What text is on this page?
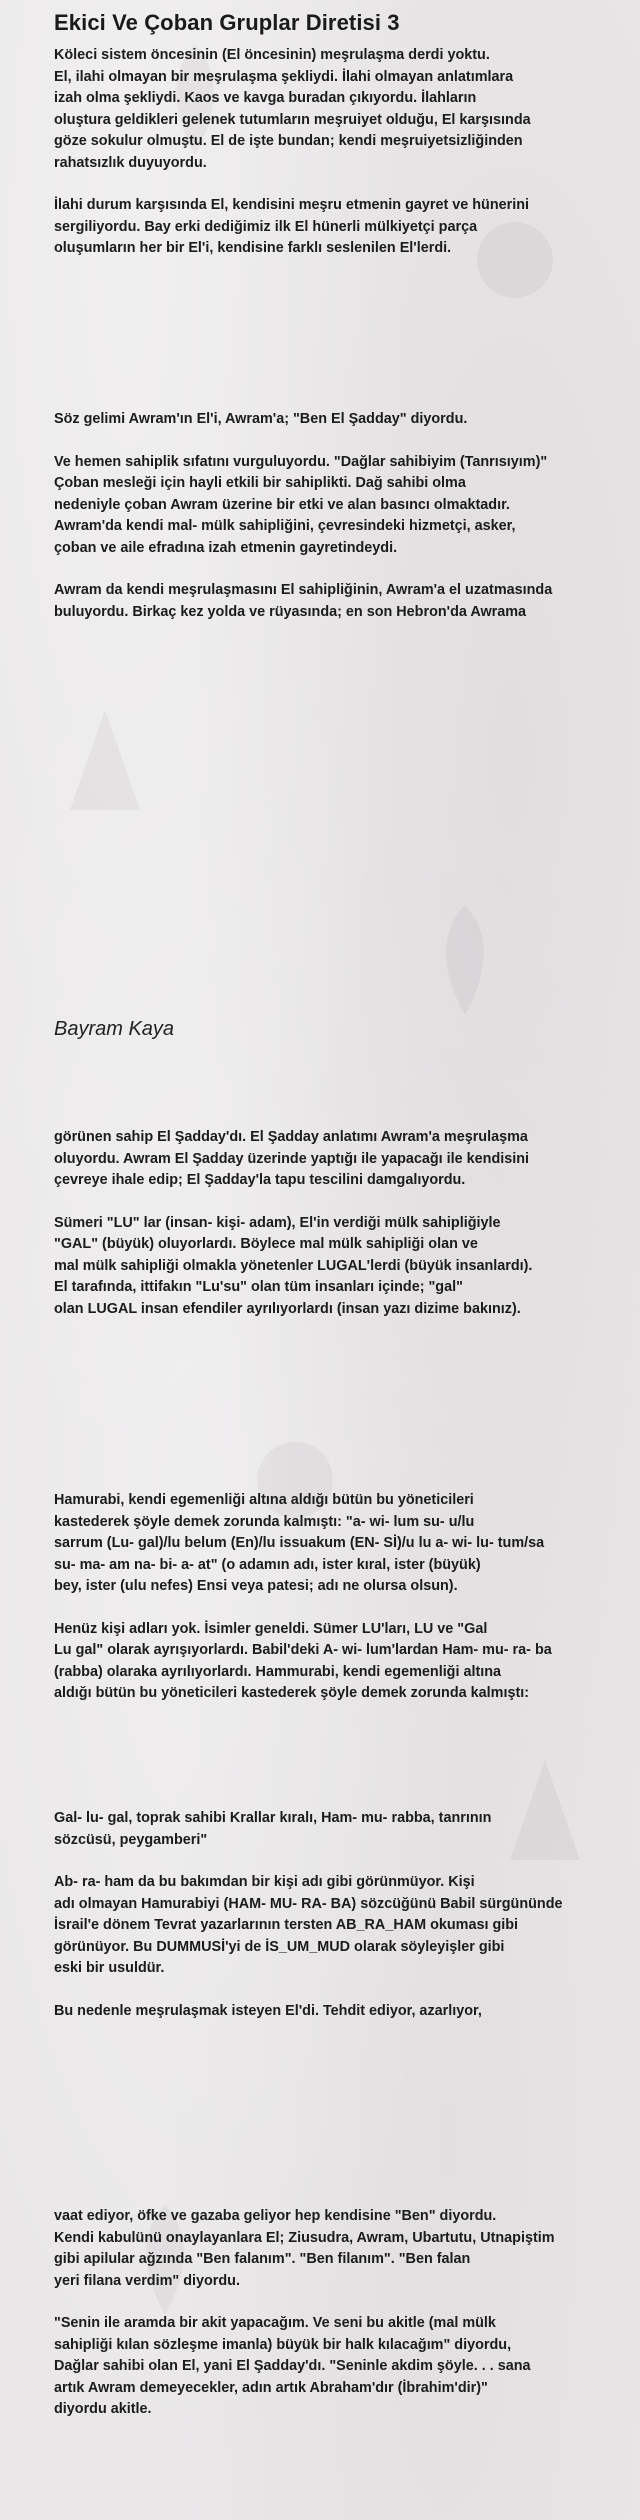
Ekici Ve Çoban Gruplar Diretisi 3

Köleci sistem öncesinin (El öncesinin) meşrulaşma derdi yoktu.
El, ilahi olmayan bir meşrulaşma şekliydi. İlahi olmayan anlatımlara
izah olma şekliydi. Kaos ve kavga buradan çıkıyordu. İlahların
oluştura geldikleri gelenek tutumların meşruiyet olduğu, El karşısında
göze sokulur olmuştu. El de işte bundan; kendi meşruiyetsizliğinden
rahatsızlık duyuyordu.

İlahi durum karşısında El, kendisini meşru etmenin gayret ve hünerini
sergiliyordu. Bay erki dediğimiz ilk El hünerli mülkiyetçi parça
oluşumların her bir El'i, kendisine farklı seslenilen El'lerdi.

Söz gelimi Awram'ın El'i, Awram'a; "Ben El Şadday" diyordu.

Ve hemen sahiplik sıfatını vurguluyordu. "Dağlar sahibiyim (Tanrısıyım)"
Çoban mesleği için hayli etkili bir sahiplikti. Dağ sahibi olma
nedeniyle çoban Awram üzerine bir etki ve alan basıncı olmaktadır.
Awram'da kendi mal- mülk sahipliğini, çevresindeki hizmetçi, asker,
çoban ve aile efradına izah etmenin gayretindeydi.

Awram da kendi meşrulaşmasını El sahipliğinin, Awram'a el uzatmasında
buluyordu. Birkaç kez yolda ve rüyasında; en son Hebron'da Awrama

Bayram Kaya

görünen sahip El Şadday'dı. El Şadday anlatımı Awram'a meşrulaşma
oluyordu. Awram El Şadday üzerinde yaptığı ile yapacağı ile kendisini
çevreye ihale edip; El Şadday'la tapu tescilini damgalıyordu.

Sümeri "LU" lar (insan- kişi- adam), El'in verdiği mülk sahipliğiyle
"GAL" (büyük) oluyorlardı. Böylece mal mülk sahipliği olan ve
mal mülk sahipliği olmakla yönetenler LUGAL'lerdi (büyük insanlardı).
El tarafında, ittifakın "Lu'su" olan tüm insanları içinde; "gal"
olan LUGAL insan efendiler ayrılıyorlardı (insan yazı dizime bakınız).

Hamurabi, kendi egemenliği altına aldığı bütün bu yöneticileri
kastederek şöyle demek zorunda kalmıştı: "a- wi- lum su- u/lu
sarrum (Lu- gal)/lu belum (En)/lu issuakum (EN- Sİ)/u lu a- wi- lu- tum/sa
su- ma- am na- bi- a- at" (o adamın adı, ister kıral, ister (büyük)
bey, ister (ulu nefes) Ensi veya patesi; adı ne olursa olsun).

Henüz kişi adları yok. İsimler geneldi. Sümer LU'ları, LU ve "Gal
Lu gal" olarak ayrışıyorlardı. Babil'deki A- wi- lum'lardan Ham- mu- ra- ba
(rabba) olaraka ayrılıyorlardı. Hammurabi, kendi egemenliği altına
aldığı bütün bu yöneticileri kastederek şöyle demek zorunda kalmıştı:

Gal- lu- gal, toprak sahibi Krallar kıralı, Ham- mu- rabba, tanrının
sözcüsü, peygamberi"

Ab- ra- ham da bu bakımdan bir kişi adı gibi görünmüyor. Kişi
adı olmayan Hamurabiyi (HAM- MU- RA- BA) sözcüğünü Babil sürgününde
İsrail'e dönem Tevrat yazarlarının tersten AB_RA_HAM okuması gibi
görünüyor. Bu DUMMUSİ'yi de İS_UM_MUD olarak söyleyişler gibi
eski bir usuldür.

Bu nedenle meşrulaşmak isteyen El'di. Tehdit ediyor, azarlıyor,

vaat ediyor, öfke ve gazaba geliyor hep kendisine "Ben" diyordu.
Kendi kabulünü onaylayanlara El; Ziusudra, Awram, Ubartutu, Utnapiştim
gibi apilular ağzında "Ben falanım". "Ben filanım". "Ben falan
yeri filana verdim" diyordu.

"Senin ile aramda bir akit yapacağım. Ve seni bu akitle (mal mülk
sahipliği kılan sözleşme imanla) büyük bir halk kılacağım" diyordu,
Dağlar sahibi olan El, yani El Şadday'dı. "Seninle akdim şöyle. . . sana
artık Awram demeyecekler, adın artık Abraham'dır (İbrahim'dir)"
diyordu akitle.
